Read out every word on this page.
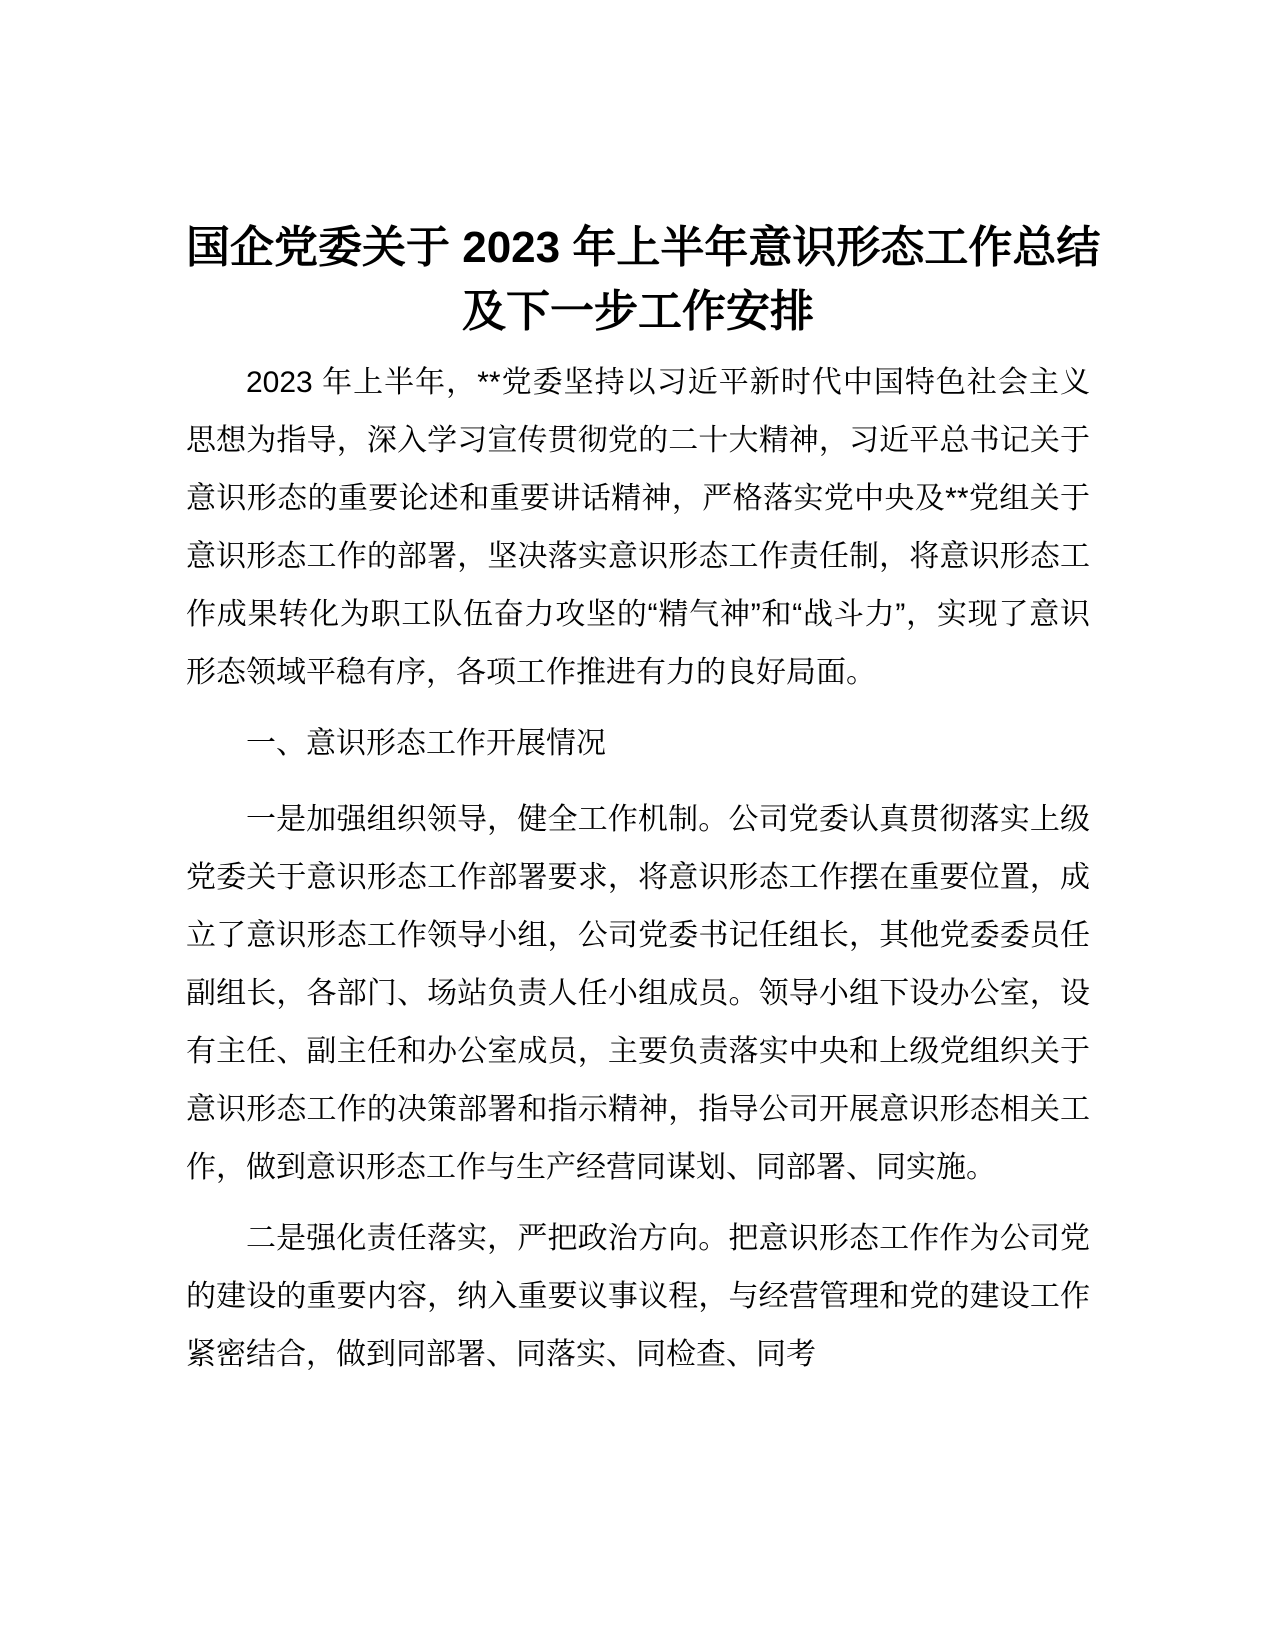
国企党委关于 2023 年上半年意识形态工作总结
及下一步工作安排

2023 年上半年，**党委坚持以习近平新时代中国特色社会主义思想为指导，深入学习宣传贯彻党的二十大精神，习近平总书记关于意识形态的重要论述和重要讲话精神，严格落实党中央及**党组关于意识形态工作的部署，坚决落实意识形态工作责任制，将意识形态工作成果转化为职工队伍奋力攻坚的“精气神”和“战斗力”，实现了意识形态领域平稳有序，各项工作推进有力的良好局面。

一、意识形态工作开展情况

一是加强组织领导，健全工作机制。公司党委认真贯彻落实上级党委关于意识形态工作部署要求，将意识形态工作摆在重要位置，成立了意识形态工作领导小组，公司党委书记任组长，其他党委委员任副组长，各部门、场站负责人任小组成员。领导小组下设办公室，设有主任、副主任和办公室成员，主要负责落实中央和上级党组织关于意识形态工作的决策部署和指示精神，指导公司开展意识形态相关工作，做到意识形态工作与生产经营同谋划、同部署、同实施。

二是强化责任落实，严把政治方向。把意识形态工作作为公司党的建设的重要内容，纳入重要议事议程，与经营管理和党的建设工作紧密结合，做到同部署、同落实、同检查、同考
